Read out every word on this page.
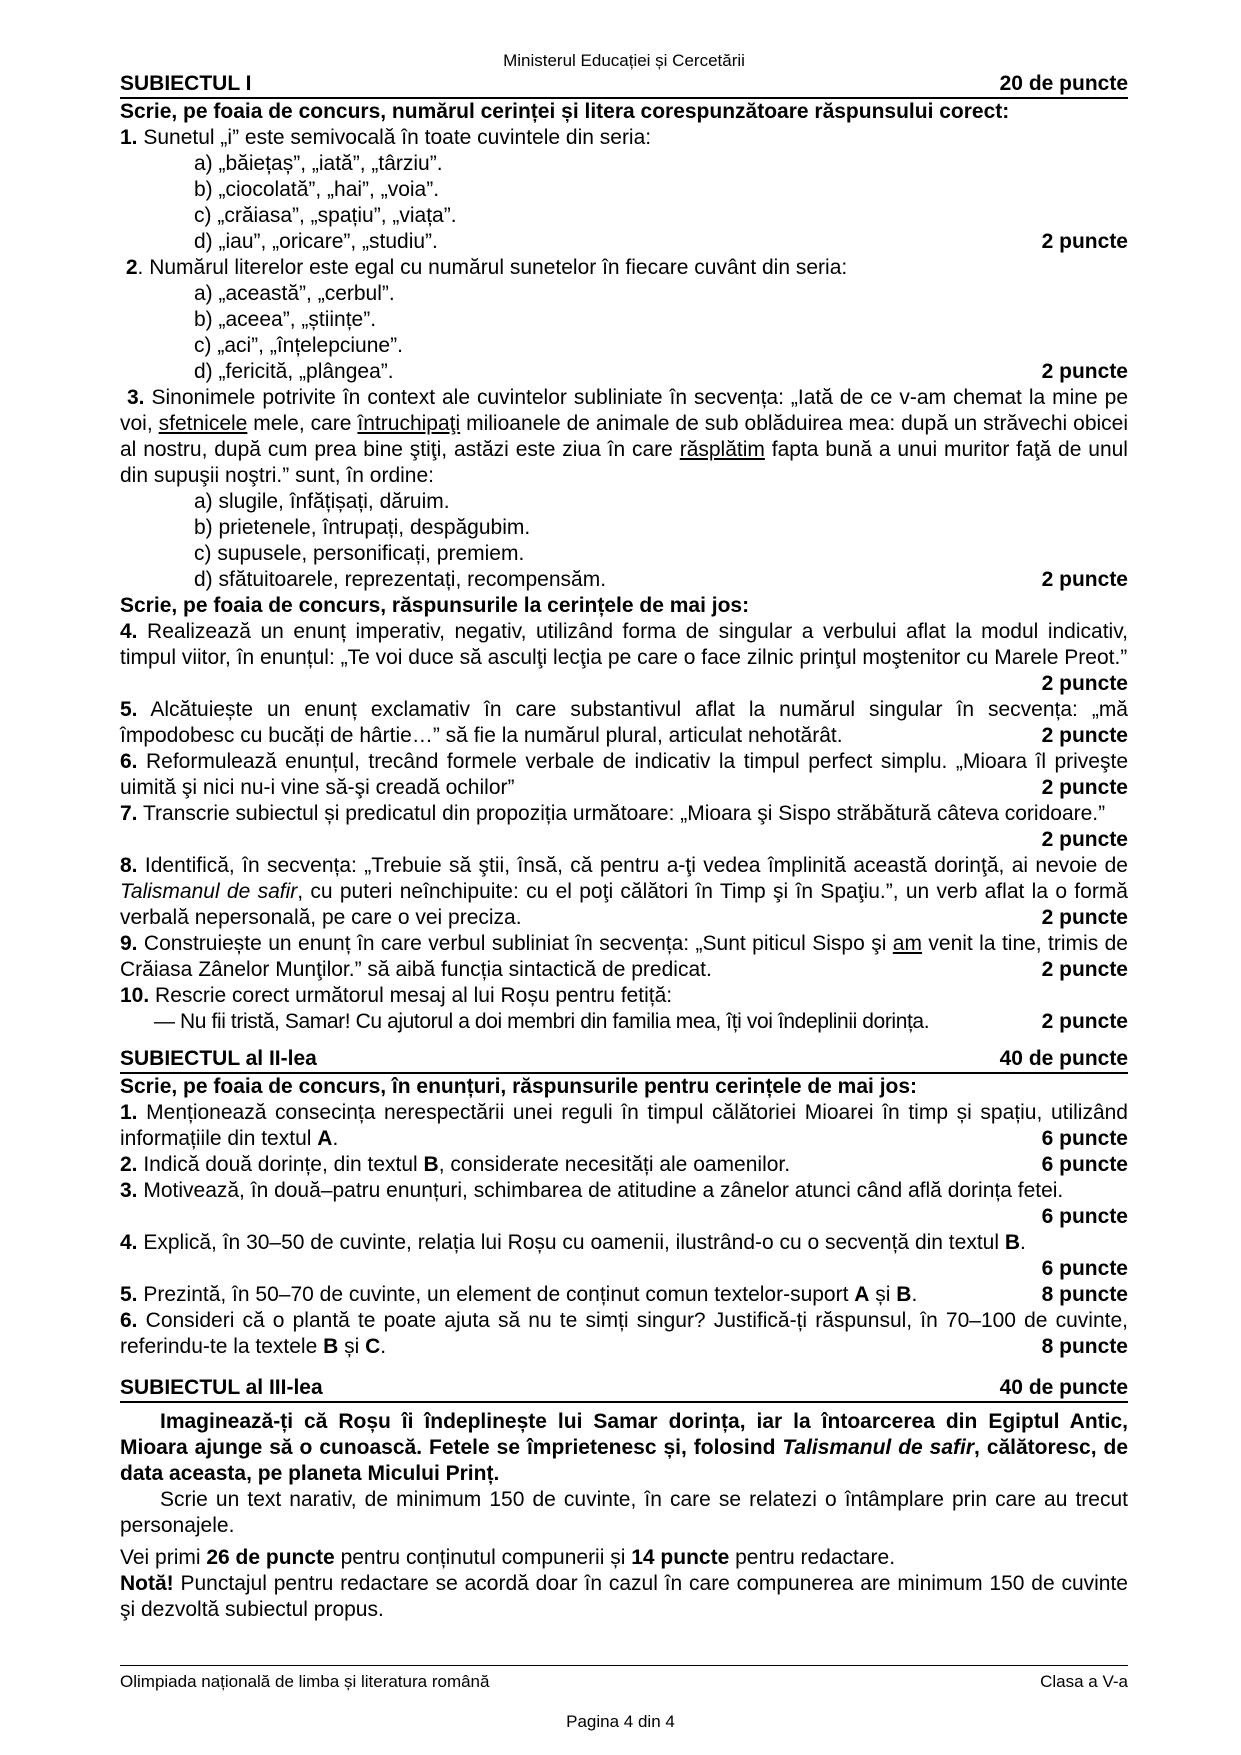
Ministerul Educației și Cercetării
SUBIECTUL I	20 de puncte
Scrie, pe foaia de concurs, numărul cerinței și litera corespunzătoare răspunsului corect:
1. Sunetul „i” este semivocală în toate cuvintele din seria:
a) „băiețaș”, „iată”, „târziu”.
b) „ciocolată”, „hai”, „voia”.
c) „crăiasa”, „spațiu”, „viața”.
d) „iau”, „oricare”, „studiu”.	2 puncte
2. Numărul literelor este egal cu numărul sunetelor în fiecare cuvânt din seria:
a) „această”, „cerbul”.
b) „aceea”, „științe”.
c) „aci”, „înțelepciune”.
d) „fericită, „plângea”.	2 puncte
3. Sinonimele potrivite în context ale cuvintelor subliniate în secvența: „Iată de ce v-am chemat la mine pe voi, sfetnicele mele, care întruchipaţi milioanele de animale de sub oblăduirea mea: după un străvechi obicei al nostru, după cum prea bine ştiţi, astăzi este ziua în care răsplătim fapta bună a unui muritor faţă de unul din supuşii noştri.” sunt, în ordine:
a) slugile, înfățișați, dăruim.
b) prietenele, întrupați, despăgubim.
c) supusele, personificați, premiem.
d) sfătuitoarele, reprezentați, recompensăm.	2 puncte
Scrie, pe foaia de concurs, răspunsurile la cerințele de mai jos:
4. Realizează un enunț imperativ, negativ, utilizând forma de singular a verbului aflat la modul indicativ, timpul viitor, în enunțul: „Te voi duce să asculţi lecţia pe care o face zilnic prinţul moştenitor cu Marele Preot.”
2 puncte
5. Alcătuiește un enunț exclamativ în care substantivul aflat la numărul singular în secvența: „mă împodobesc cu bucăți de hârtie…” să fie la numărul plural, articulat nehotărât.	2 puncte
6. Reformulează enunțul, trecând formele verbale de indicativ la timpul perfect simplu. „Mioara îl priveşte uimită şi nici nu-i vine să-şi creadă ochilor”	2 puncte
7. Transcrie subiectul și predicatul din propoziția următoare: „Mioara şi Sispo străbătură câteva coridoare.”
2 puncte
8. Identifică, în secvența: „Trebuie să ştii, însă, că pentru a-ţi vedea împlinită această dorinţă, ai nevoie de Talismanul de safir, cu puteri neînchipuite: cu el poţi călători în Timp şi în Spaţiu.”, un verb aflat la o formă verbală nepersonală, pe care o vei preciza.	2 puncte
9. Construiește un enunț în care verbul subliniat în secvența: „Sunt piticul Sispo şi am venit la tine, trimis de Crăiasa Zânelor Munţilor.” să aibă funcția sintactică de predicat.	2 puncte
10. Rescrie corect următorul mesaj al lui Roșu pentru fetiță:
— Nu fii tristă, Samar! Cu ajutorul a doi membri din familia mea, îți voi îndeplinii dorința.	2 puncte
SUBIECTUL al II-lea	40 de puncte
Scrie, pe foaia de concurs, în enunțuri, răspunsurile pentru cerințele de mai jos:
1. Menționează consecința nerespectării unei reguli în timpul călătoriei Mioarei în timp și spațiu, utilizând informațiile din textul A.	6 puncte
2. Indică două dorințe, din textul B, considerate necesități ale oamenilor.	6 puncte
3. Motivează, în două–patru enunțuri, schimbarea de atitudine a zânelor atunci când află dorința fetei.
6 puncte
4. Explică, în 30–50 de cuvinte, relația lui Roșu cu oamenii, ilustrând-o cu o secvență din textul B.
6 puncte
5. Prezintă, în 50–70 de cuvinte, un element de conținut comun textelor-suport A și B.	8 puncte
6. Consideri că o plantă te poate ajuta să nu te simți singur? Justifică-ți răspunsul, în 70–100 de cuvinte, referindu-te la textele B și C.	8 puncte
SUBIECTUL al III-lea	40 de puncte
Imaginează-ți că Roșu îi îndeplinește lui Samar dorința, iar la întoarcerea din Egiptul Antic, Mioara ajunge să o cunoască. Fetele se împrietenesc și, folosind Talismanul de safir, călătoresc, de data aceasta, pe planeta Micului Prinț.
Scrie un text narativ, de minimum 150 de cuvinte, în care se relatezi o întâmplare prin care au trecut personajele.
Vei primi 26 de puncte pentru conținutul compunerii și 14 puncte pentru redactare.
Notă! Punctajul pentru redactare se acordă doar în cazul în care compunerea are minimum 150 de cuvinte şi dezvoltă subiectul propus.
Olimpiada națională de limba și literatura română	Clasa a V-a
Pagina 4 din 4
